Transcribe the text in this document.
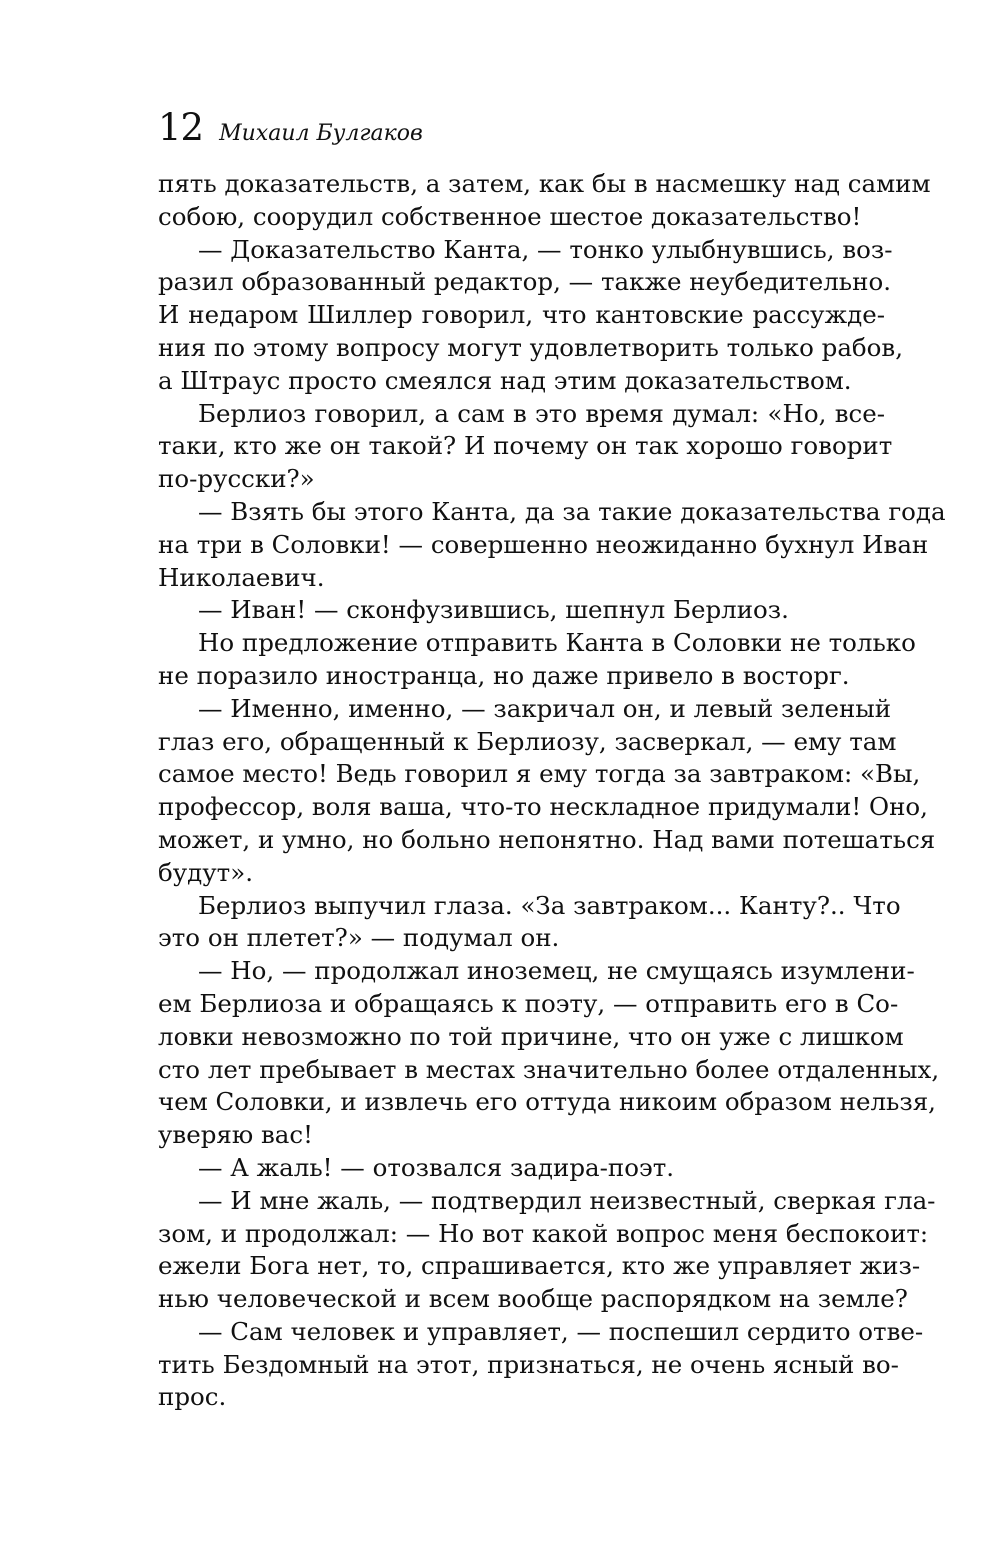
12 Михаил Булгаков
пять доказательств, а затем, как бы в насмешку над самим
собою, соорудил собственное шестое доказательство!
— Доказательство Канта, — тонко улыбнувшись, воз-
разил образованный редактор, — также неубедительно.
И недаром Шиллер говорил, что кантовские рассужде-
ния по этому вопросу могут удовлетворить только рабов,
а Штраус просто смеялся над этим доказательством.
Берлиоз говорил, а сам в это время думал: «Но, все-
таки, кто же он такой? И почему он так хорошо говорит
по-русски?»
— Взять бы этого Канта, да за такие доказательства года
на три в Соловки! — совершенно неожиданно бухнул Иван
Николаевич.
— Иван! — сконфузившись, шепнул Берлиоз.
Но предложение отправить Канта в Соловки не только
не поразило иностранца, но даже привело в восторг.
— Именно, именно, — закричал он, и левый зеленый
глаз его, обращенный к Берлиозу, засверкал, — ему там
самое место! Ведь говорил я ему тогда за завтраком: «Вы,
профессор, воля ваша, что-то нескладное придумали! Оно,
может, и умно, но больно непонятно. Над вами потешаться
будут».
Берлиоз выпучил глаза. «За завтраком... Канту?.. Что
это он плетет?» — подумал он.
— Но, — продолжал иноземец, не смущаясь изумлени-
ем Берлиоза и обращаясь к поэту, — отправить его в Со-
ловки невозможно по той причине, что он уже с лишком
сто лет пребывает в местах значительно более отдаленных,
чем Соловки, и извлечь его оттуда никоим образом нельзя,
уверяю вас!
— А жаль! — отозвался задира-поэт.
— И мне жаль, — подтвердил неизвестный, сверкая гла-
зом, и продолжал: — Но вот какой вопрос меня беспокоит:
ежели Бога нет, то, спрашивается, кто же управляет жиз-
нью человеческой и всем вообще распорядком на земле?
— Сам человек и управляет, — поспешил сердито отве-
тить Бездомный на этот, признаться, не очень ясный во-
прос.
